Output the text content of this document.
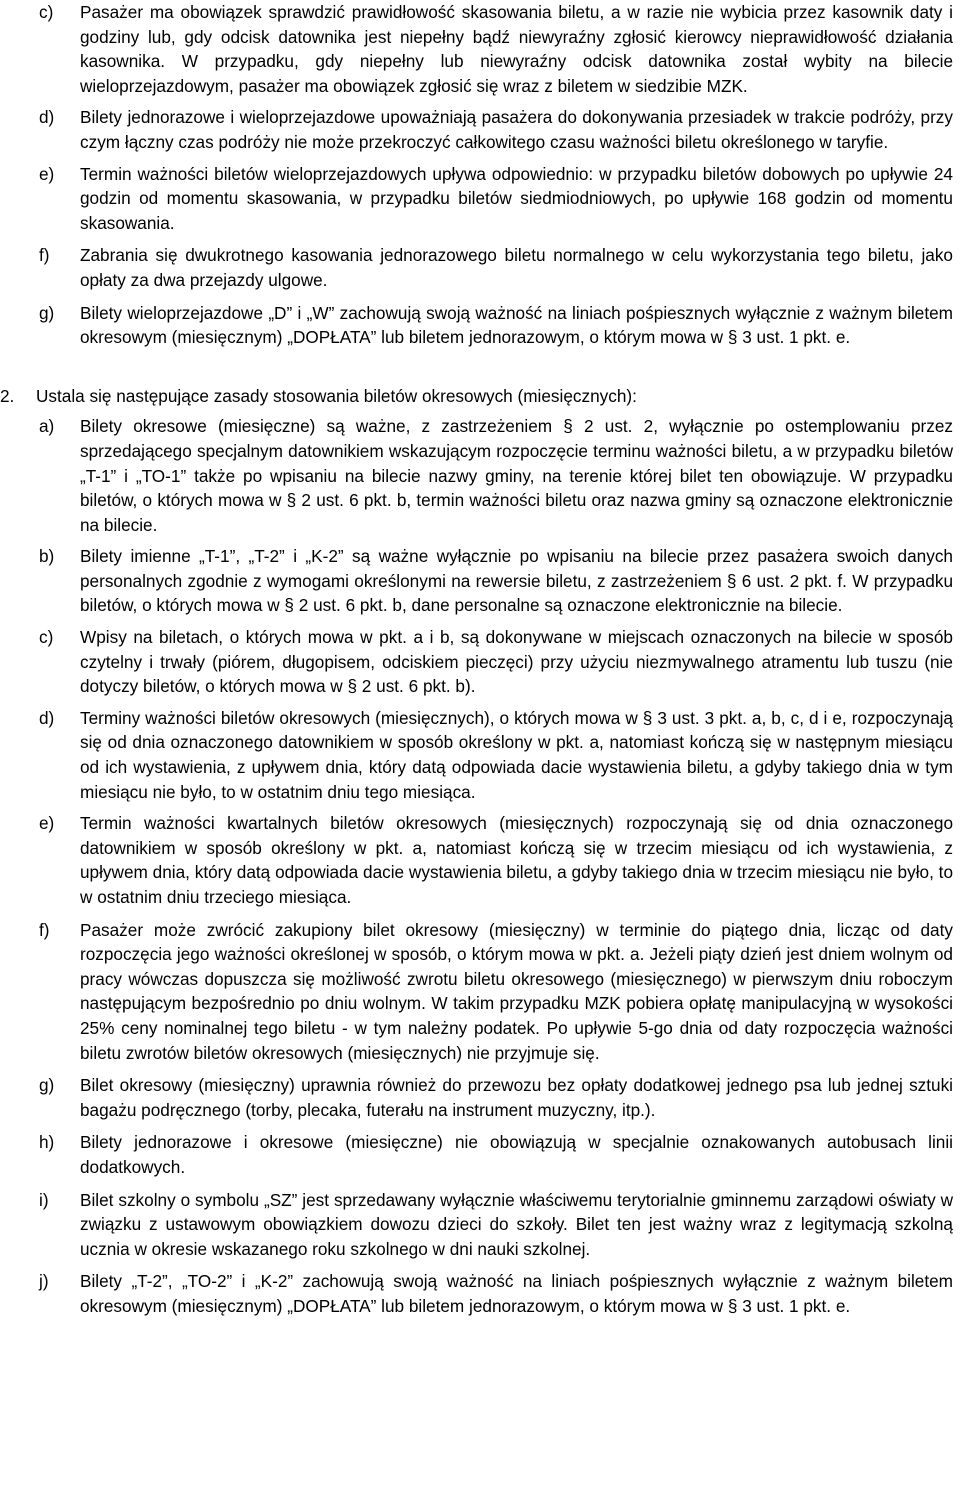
c)	Pasażer ma obowiązek sprawdzić prawidłowość skasowania biletu, a w razie nie wybicia przez kasownik daty i godziny lub, gdy odcisk datownika jest niepełny bądź niewyraźny zgłosić kierowcy nieprawidłowość działania kasownika. W przypadku, gdy niepełny lub niewyraźny odcisk datownika został wybity na bilecie wieloprzejazdowym, pasażer ma obowiązek zgłosić się wraz z biletem w siedzibie MZK.
d)	Bilety jednorazowe i wieloprzejazdowe upoważniają pasażera do dokonywania przesiadek w trakcie podróży, przy czym łączny czas podróży nie może przekroczyć całkowitego czasu ważności biletu określonego w taryfie.
e)	Termin ważności biletów wieloprzejazdowych upływa odpowiednio: w przypadku biletów dobowych po upływie 24 godzin od momentu skasowania, w przypadku biletów siedmiodniowych, po upływie 168 godzin od momentu skasowania.
f)	Zabrania się dwukrotnego kasowania jednorazowego biletu normalnego w celu wykorzystania tego biletu, jako opłaty za dwa przejazdy ulgowe.
g)	Bilety wieloprzejazdowe „D” i „W” zachowują swoją ważność na liniach pośpiesznych wyłącznie z ważnym biletem okresowym (miesięcznym) „DOPŁATA” lub biletem jednorazowym, o którym mowa w § 3 ust. 1 pkt. e.
2.	Ustala się następujące zasady stosowania biletów okresowych (miesięcznych):
a)	Bilety okresowe (miesięczne) są ważne, z zastrzeżeniem § 2 ust. 2, wyłącznie po ostemplowaniu przez sprzedającego specjalnym datownikiem wskazującym rozpoczęcie terminu ważności biletu, a w przypadku biletów „T-1” i „TO-1” także po wpisaniu na bilecie nazwy gminy, na terenie której bilet ten obowiązuje. W przypadku biletów, o których mowa w § 2 ust. 6 pkt. b, termin ważności biletu oraz nazwa gminy są oznaczone elektronicznie na bilecie.
b)	Bilety imienne „T-1”, „T-2” i „K-2” są ważne wyłącznie po wpisaniu na bilecie przez pasażera swoich danych personalnych zgodnie z wymogami określonymi na rewersie biletu, z zastrzeżeniem § 6 ust. 2 pkt. f. W przypadku biletów, o których mowa w § 2 ust. 6 pkt. b, dane personalne są oznaczone elektronicznie na bilecie.
c)	Wpisy na biletach, o których mowa w pkt. a i b, są dokonywane w miejscach oznaczonych na bilecie w sposób czytelny i trwały (piórem, długopisem, odciskiem pieczęci) przy użyciu niezmywalnego atramentu lub tuszu (nie dotyczy biletów, o których mowa w § 2 ust. 6 pkt. b).
d)	Terminy ważności biletów okresowych (miesięcznych), o których mowa w § 3 ust. 3 pkt. a, b, c, d i e, rozpoczynają się od dnia oznaczonego datownikiem w sposób określony w pkt. a, natomiast kończą się w następnym miesiącu od ich wystawienia, z upływem dnia, który datą odpowiada dacie wystawienia biletu, a gdyby takiego dnia w tym miesiącu nie było, to w ostatnim dniu tego miesiąca.
e)	Termin ważności kwartalnych biletów okresowych (miesięcznych) rozpoczynają się od dnia oznaczonego datownikiem w sposób określony w pkt. a, natomiast kończą się w trzecim miesiącu od ich wystawienia, z upływem dnia, który datą odpowiada dacie wystawienia biletu, a gdyby takiego dnia w trzecim miesiącu nie było, to w ostatnim dniu trzeciego miesiąca.
f)	Pasażer może zwrócić zakupiony bilet okresowy (miesięczny) w terminie do piątego dnia, licząc od daty rozpoczęcia jego ważności określonej w sposób, o którym mowa w pkt. a. Jeżeli piąty dzień jest dniem wolnym od pracy wówczas dopuszcza się możliwość zwrotu biletu okresowego (miesięcznego) w pierwszym dniu roboczym następującym bezpośrednio po dniu wolnym. W takim przypadku MZK pobiera opłatę manipulacyjną w wysokości 25% ceny nominalnej tego biletu - w tym należny podatek. Po upływie 5-go dnia od daty rozpoczęcia ważności biletu zwrotów biletów okresowych (miesięcznych) nie przyjmuje się.
g)	Bilet okresowy (miesięczny) uprawnia również do przewozu bez opłaty dodatkowej jednego psa lub jednej sztuki bagażu podręcznego (torby, plecaka, futerału na instrument muzyczny, itp.).
h)	Bilety jednorazowe i okresowe (miesięczne) nie obowiązują w specjalnie oznakowanych autobusach linii dodatkowych.
i)	Bilet szkolny o symbolu „SZ” jest sprzedawany wyłącznie właściwemu terytorialnie gminnemu zarządowi oświaty w związku z ustawowym obowiązkiem dowozu dzieci do szkoły. Bilet ten jest ważny wraz z legitymacją szkolną ucznia w okresie wskazanego roku szkolnego w dni nauki szkolnej.
j)	Bilety „T-2”, „TO-2” i „K-2” zachowują swoją ważność na liniach pośpiesznych wyłącznie z ważnym biletem okresowym (miesięcznym) „DOPŁATA” lub biletem jednorazowym, o którym mowa w § 3 ust. 1 pkt. e.
